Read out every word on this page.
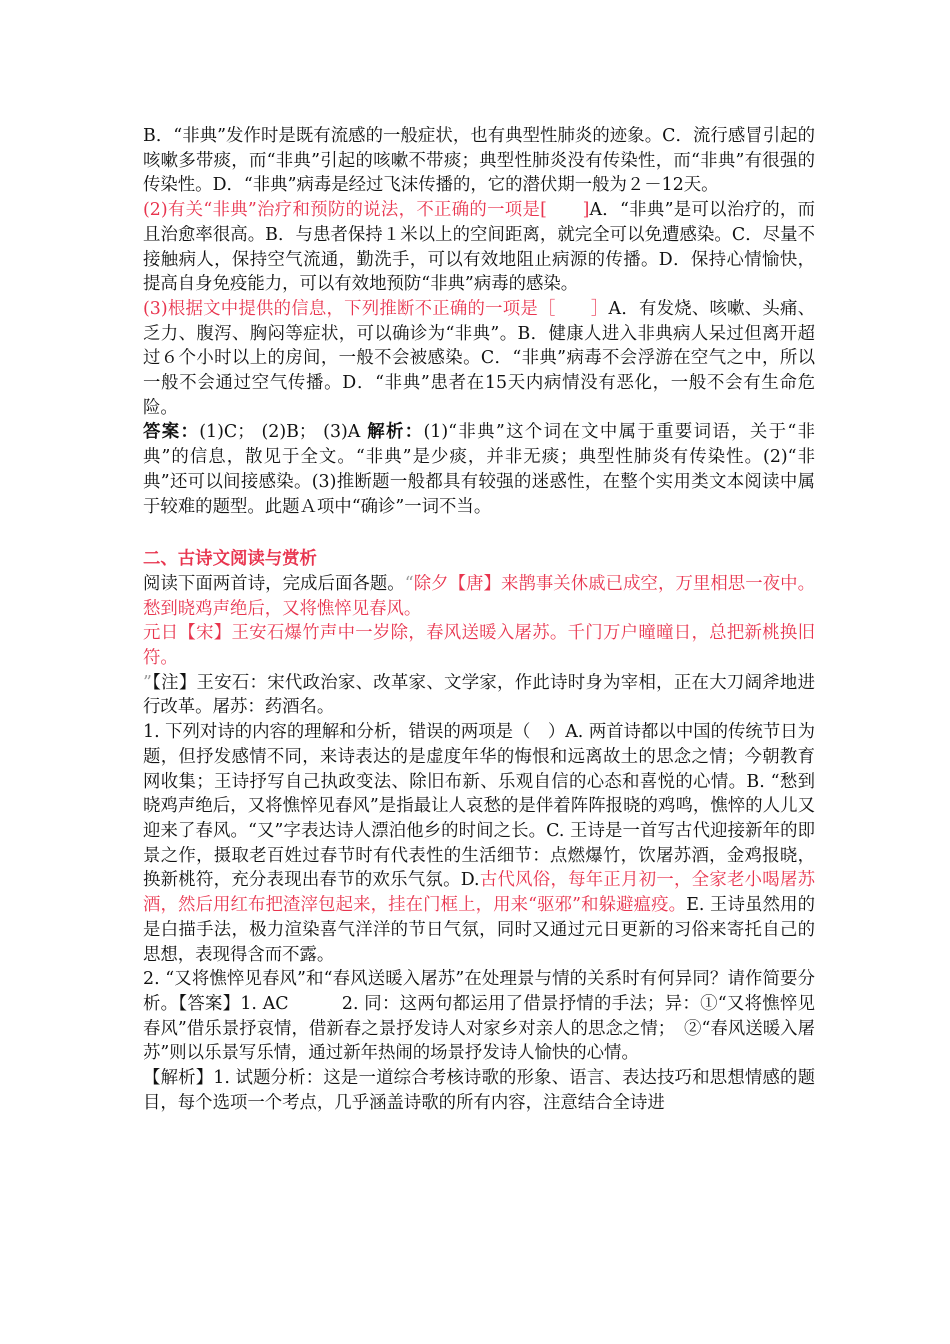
B．“非典”发作时是既有流感的一般症状，也有典型性肺炎的迹象。C．流行感冒引起的咳嗽多带痰，而“非典”引起的咳嗽不带痰；典型性肺炎没有传染性，而“非典”有很强的传染性。D．“非典”病毒是经过飞沫传播的，它的潜伏期一般为２－12天。

(2)有关“非典”治疗和预防的说法，不正确的一项是[　　]A．“非典”是可以治疗的，而且治愈率很高。B．与患者保持１米以上的空间距离，就完全可以免遭感染。C．尽量不接触病人，保持空气流通，勤洗手，可以有效地阻止病源的传播。D．保持心情愉快，提高自身免疫能力，可以有效地预防“非典”病毒的感染。

(3)根据文中提供的信息，下列推断不正确的一项是［　　］A．有发烧、咳嗽、头痛、乏力、腹泻、胸闷等症状，可以确诊为“非典”。B．健康人进入非典病人呆过但离开超过６个小时以上的房间，一般不会被感染。C．“非典”病毒不会浮游在空气之中，所以一般不会通过空气传播。D．“非典”患者在15天内病情没有恶化，一般不会有生命危险。

答案：(1)C； (2)B； (3)A 解析：(1)“非典”这个词在文中属于重要词语，关于“非典”的信息，散见于全文。“非典”是少痰，并非无痰；典型性肺炎有传染性。(2)“非典”还可以间接感染。(3)推断题一般都具有较强的迷惑性，在整个实用类文本阅读中属于较难的题型。此题Ａ项中“确诊”一词不当。

二、古诗文阅读与赏析

阅读下面两首诗，完成后面各题。“除夕【唐】来鹊事关休戚已成空，万里相思一夜中。愁到晓鸡声绝后，又将憔悴见春风。

元日【宋】王安石爆竹声中一岁除，春风送暖入屠苏。千门万户曈曈日，总把新桃换旧符。

”【注】王安石：宋代政治家、改革家、文学家，作此诗时身为宰相，正在大刀阔斧地进行改革。屠苏：药酒名。

1. 下列对诗的内容的理解和分析，错误的两项是（　）A. 两首诗都以中国的传统节日为题，但抒发感情不同，来诗表达的是虚度年华的悔恨和远离故土的思念之情；今朝教育网收集；王诗抒写自己执政变法、除旧布新、乐观自信的心态和喜悦的心情。B. “愁到晓鸡声绝后，又将憔悴见春风”是指最让人哀愁的是伴着阵阵报晓的鸡鸣，憔悴的人儿又迎来了春风。“又”字表达诗人漂泊他乡的时间之长。C. 王诗是一首写古代迎接新年的即景之作，摄取老百姓过春节时有代表性的生活细节：点燃爆竹，饮屠苏酒，金鸡报晓，换新桃符，充分表现出春节的欢乐气氛。D.古代风俗，每年正月初一，全家老小喝屠苏酒，然后用红布把渣滓包起来，挂在门框上，用来“驱邪”和躲避瘟疫。E. 王诗虽然用的是白描手法，极力渲染喜气洋洋的节日气氛，同时又通过元日更新的习俗来寄托自己的思想，表现得含而不露。

2. “又将憔悴见春风”和“春风送暖入屠苏”在处理景与情的关系时有何异同？请作简要分析。【答案】1. AC　　　2. 同：这两句都运用了借景抒情的手法；异：①“又将憔悴见春风”借乐景抒哀情，借新春之景抒发诗人对家乡对亲人的思念之情；　②“春风送暖入屠苏”则以乐景写乐情，通过新年热闹的场景抒发诗人愉快的心情。

【解析】1. 试题分析：这是一道综合考核诗歌的形象、语言、表达技巧和思想情感的题目，每个选项一个考点，几乎涵盖诗歌的所有内容，注意结合全诗进
